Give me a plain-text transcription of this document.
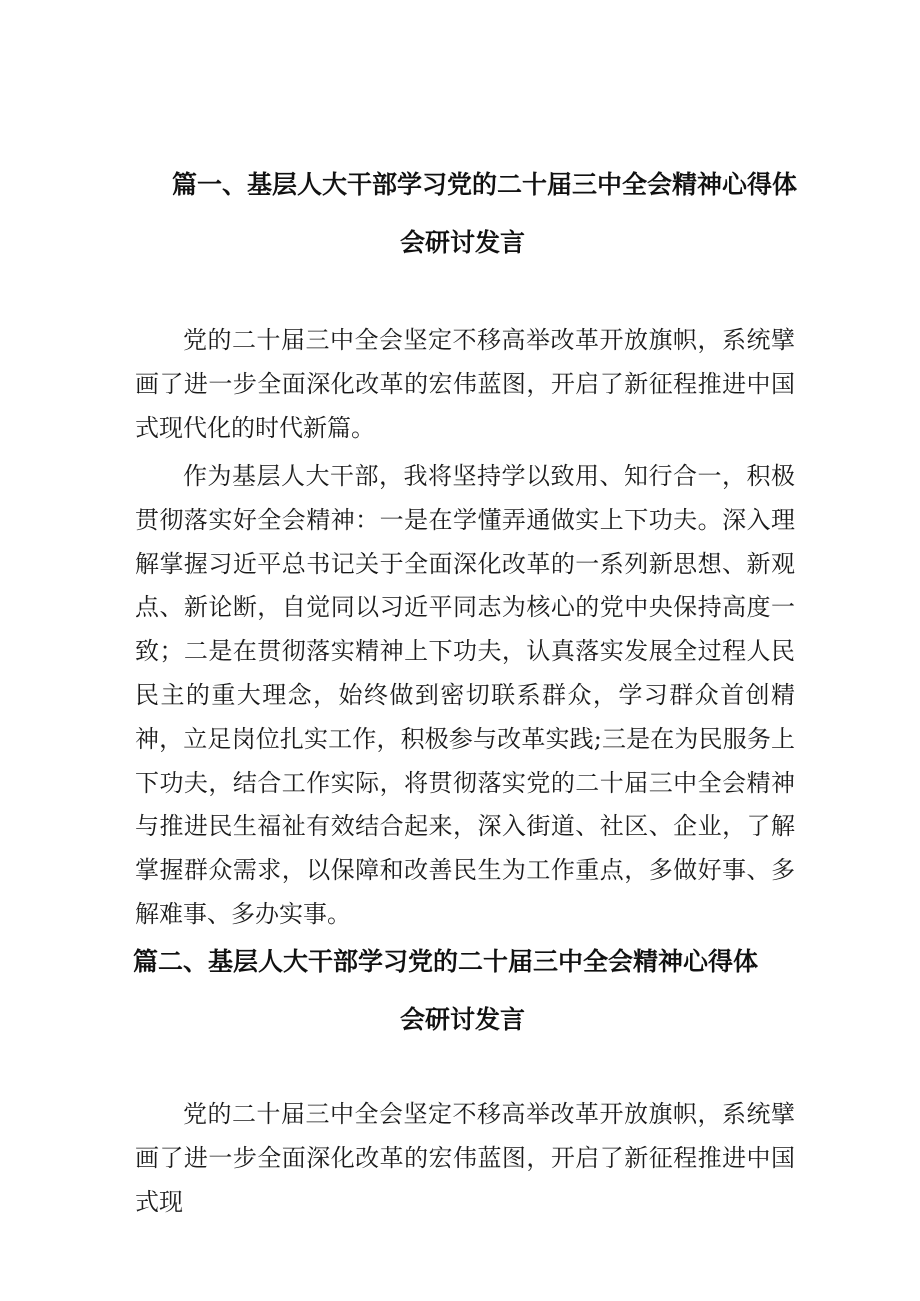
篇一、基层人大干部学习党的二十届三中全会精神心得体
会研讨发言

党的二十届三中全会坚定不移高举改革开放旗帜，系统擘画了进一步全面深化改革的宏伟蓝图，开启了新征程推进中国式现代化的时代新篇。

作为基层人大干部，我将坚持学以致用、知行合一，积极贯彻落实好全会精神：一是在学懂弄通做实上下功夫。深入理解掌握习近平总书记关于全面深化改革的一系列新思想、新观点、新论断，自觉同以习近平同志为核心的党中央保持高度一致；二是在贯彻落实精神上下功夫，认真落实发展全过程人民民主的重大理念，始终做到密切联系群众，学习群众首创精神，立足岗位扎实工作，积极参与改革实践;三是在为民服务上下功夫，结合工作实际，将贯彻落实党的二十届三中全会精神与推进民生福祉有效结合起来，深入街道、社区、企业，了解掌握群众需求，以保障和改善民生为工作重点，多做好事、多解难事、多办实事。

篇二、基层人大干部学习党的二十届三中全会精神心得体
会研讨发言

党的二十届三中全会坚定不移高举改革开放旗帜，系统擘画了进一步全面深化改革的宏伟蓝图，开启了新征程推进中国式现
